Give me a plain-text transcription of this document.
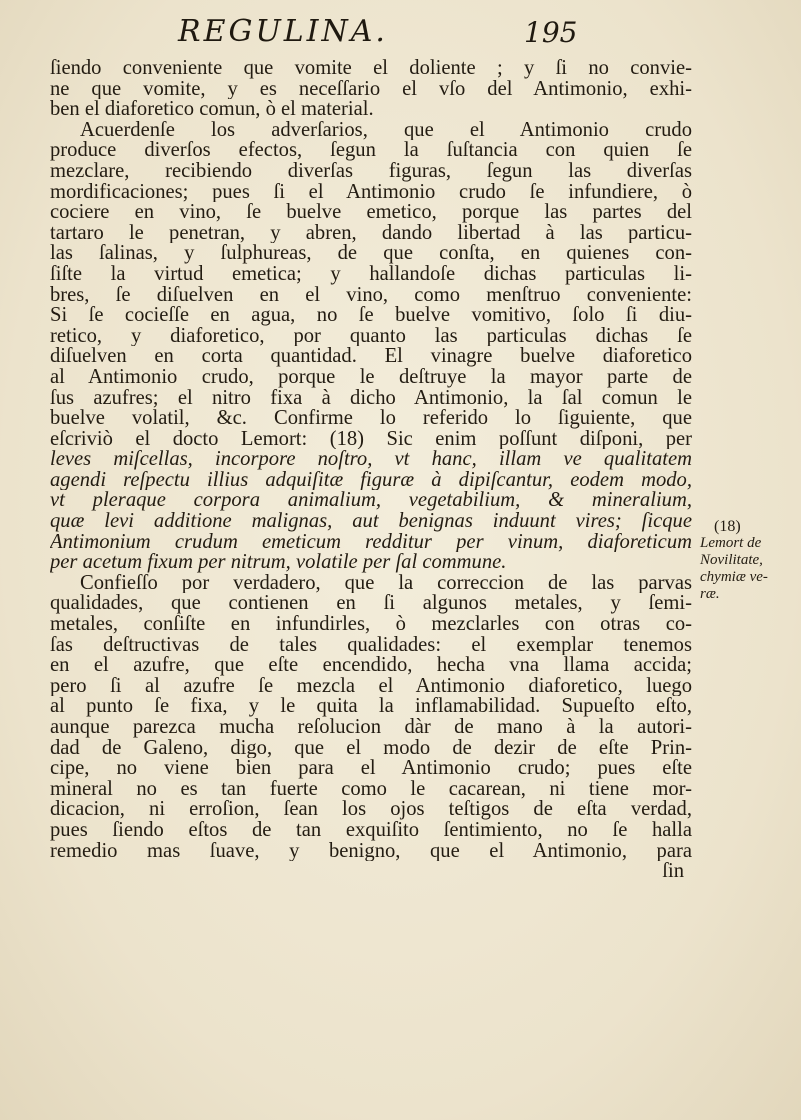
REGULINA.	195
ſiendo conveniente que vomite el doliente ; y ſi no convie-
ne que vomite, y es neceſſario el vſo del Antimonio, exhi-
ben el diaforetico comun, ò el material.
Acuerdenſe los adverſarios, que el Antimonio crudo
produce diverſos efectos, ſegun la ſuſtancia con quien ſe
mezclare, recibiendo diverſas figuras, ſegun las diverſas
mordificaciones; pues ſi el Antimonio crudo ſe infundiere, ò
cociere en vino, ſe buelve emetico, porque las partes del
tartaro le penetran, y abren, dando libertad à las particu-
las ſalinas, y ſulphureas, de que conſta, en quienes con-
ſiſte la virtud emetica; y hallandoſe dichas particulas li-
bres, ſe diſuelven en el vino, como menſtruo conveniente:
Si ſe cocieſſe en agua, no ſe buelve vomitivo, ſolo ſi diu-
retico, y diaforetico, por quanto las particulas dichas ſe
diſuelven en corta quantidad. El vinagre buelve diaforetico
al Antimonio crudo, porque le deſtruye la mayor parte de
ſus azufres; el nitro fixa à dicho Antimonio, la ſal comun le
buelve volatil, &c. Confirme lo referido lo ſiguiente, que
eſcriviò el docto Lemort: (18) Sic enim poſſunt diſponi, per
leves miſcellas, incorpore noſtro, vt hanc, illam ve qualitatem
agendi reſpectu illius adquiſitæ figuræ à dipiſcantur, eodem modo,
vt pleraque corpora animalium, vegetabilium, & mineralium,
quæ levi additione malignas, aut benignas induunt vires; ſicque
Antimonium crudum emeticum redditur per vinum, diaforeticum
per acetum fixum per nitrum, volatile per ſal commune.
Confieſſo por verdadero, que la correccion de las parvas
qualidades, que contienen en ſi algunos metales, y ſemi-
metales, conſiſte en infundirles, ò mezclarles con otras co-
ſas deſtructivas de tales qualidades: el exemplar tenemos
en el azufre, que eſte encendido, hecha vna llama accida;
pero ſi al azufre ſe mezcla el Antimonio diaforetico, luego
al punto ſe fixa, y le quita la inflamabilidad. Supueſto eſto,
aunque parezca mucha reſolucion dàr de mano à la autori-
dad de Galeno, digo, que el modo de dezir de eſte Prin-
cipe, no viene bien para el Antimonio crudo; pues eſte
mineral no es tan fuerte como le cacarean, ni tiene mor-
dicacion, ni erroſion, ſean los ojos teſtigos de eſta verdad,
pues ſiendo eſtos de tan exquiſito ſentimiento, no ſe halla
remedio mas ſuave, y benigno, que el Antimonio, para
ſin
(18)
Lemort de
Novilitate,
chymiæ ve-
ræ.
